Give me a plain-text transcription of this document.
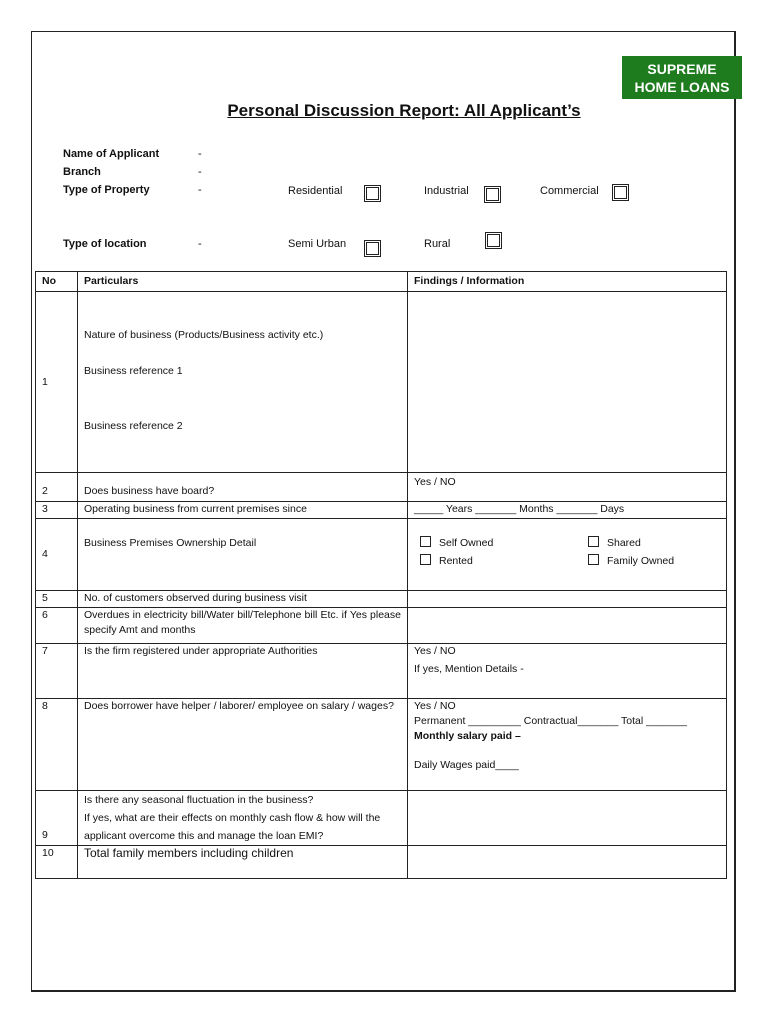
SUPREME
HOME LOANS
Personal Discussion Report: All Applicant’s
Name of Applicant	-
Branch	-
Type of Property	-	Residential	Industrial	Commercial
Type of location	-	Semi Urban	Rural
No	Particulars	Findings / Information
1	Nature of business (Products/Business activity etc.)
Business reference 1
Business reference 2	

2	Does business have board?	Yes / NO
3	Operating business from current premises since	_____ Years _______ Months _______ Days
4	Business Premises Ownership Detail	Self Owned Shared
Rented Family Owned

5	No. of customers observed during business visit	
6	Overdues in electricity bill/Water bill/Telephone bill Etc. if Yes please specify Amt and months	
7	Is the firm registered under appropriate Authorities	Yes / NO
If yes, Mention Details -

8	Does borrower have helper / laborer/ employee on salary / wages?	Yes / NO
Permanent _________ Contractual_______ Total _______
Monthly salary paid –
Daily Wages paid____

9	Is there any seasonal fluctuation in the business?
If yes, what are their effects on monthly cash flow & how will the applicant overcome this and manage the loan EMI?	

10	Total family members including children	
